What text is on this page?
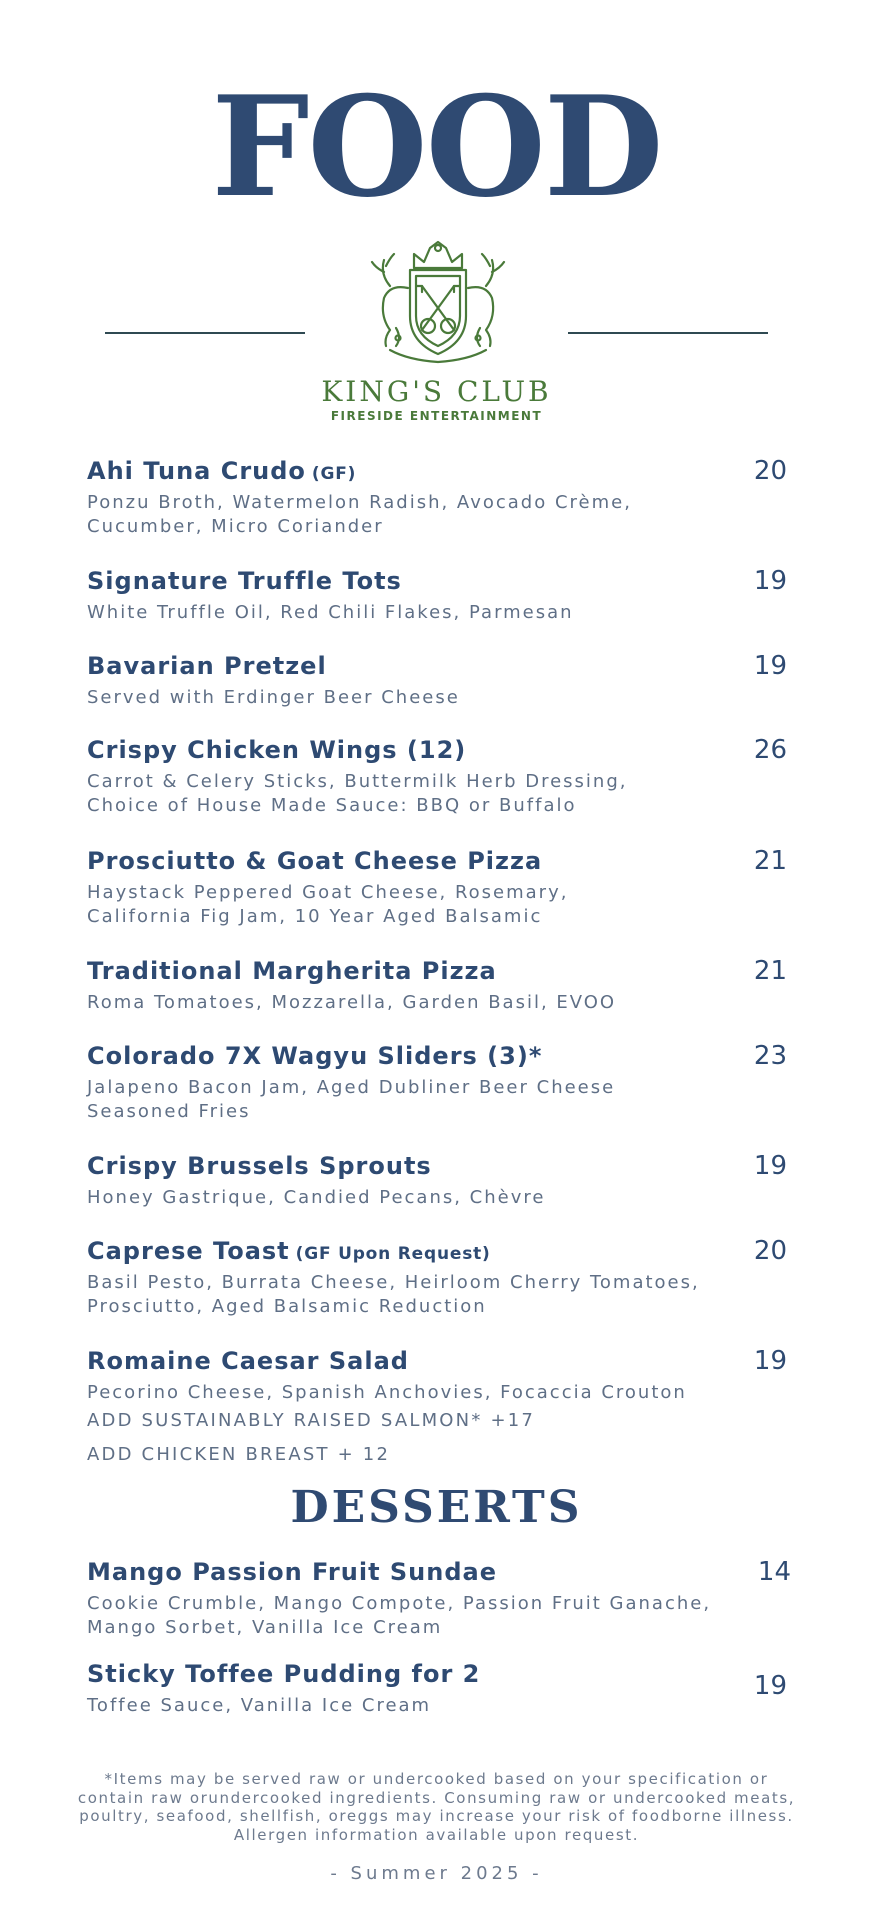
FOOD
KING'S CLUB
FIRESIDE ENTERTAINMENT
Ahi Tuna Crudo (GF)
Ponzu Broth, Watermelon Radish, Avocado Crème,
Cucumber, Micro Coriander
20
Signature Truffle Tots
White Truffle Oil, Red Chili Flakes, Parmesan
19
Bavarian Pretzel
Served with Erdinger Beer Cheese
19
Crispy Chicken Wings (12)
Carrot & Celery Sticks, Buttermilk Herb Dressing,
Choice of House Made Sauce: BBQ or Buffalo
26
Prosciutto & Goat Cheese Pizza
Haystack Peppered Goat Cheese, Rosemary,
California Fig Jam, 10 Year Aged Balsamic
21
Traditional Margherita Pizza
Roma Tomatoes, Mozzarella, Garden Basil, EVOO
21
Colorado 7X Wagyu Sliders (3)*
Jalapeno Bacon Jam, Aged Dubliner Beer Cheese
Seasoned Fries
23
Crispy Brussels Sprouts
Honey Gastrique, Candied Pecans, Chèvre
19
Caprese Toast (GF Upon Request)
Basil Pesto, Burrata Cheese, Heirloom Cherry Tomatoes,
Prosciutto, Aged Balsamic Reduction
20
Romaine Caesar Salad
Pecorino Cheese, Spanish Anchovies, Focaccia Crouton
19
ADD SUSTAINABLY RAISED SALMON* +17
ADD CHICKEN BREAST + 12
DESSERTS
Mango Passion Fruit Sundae
Cookie Crumble, Mango Compote, Passion Fruit Ganache,
Mango Sorbet, Vanilla Ice Cream
14
Sticky Toffee Pudding for 2
Toffee Sauce, Vanilla Ice Cream
19
*Items may be served raw or undercooked based on your specification or
contain raw orundercooked ingredients. Consuming raw or undercooked meats,
poultry, seafood, shellfish, oreggs may increase your risk of foodborne illness.
Allergen information available upon request.
- Summer 2025 -
